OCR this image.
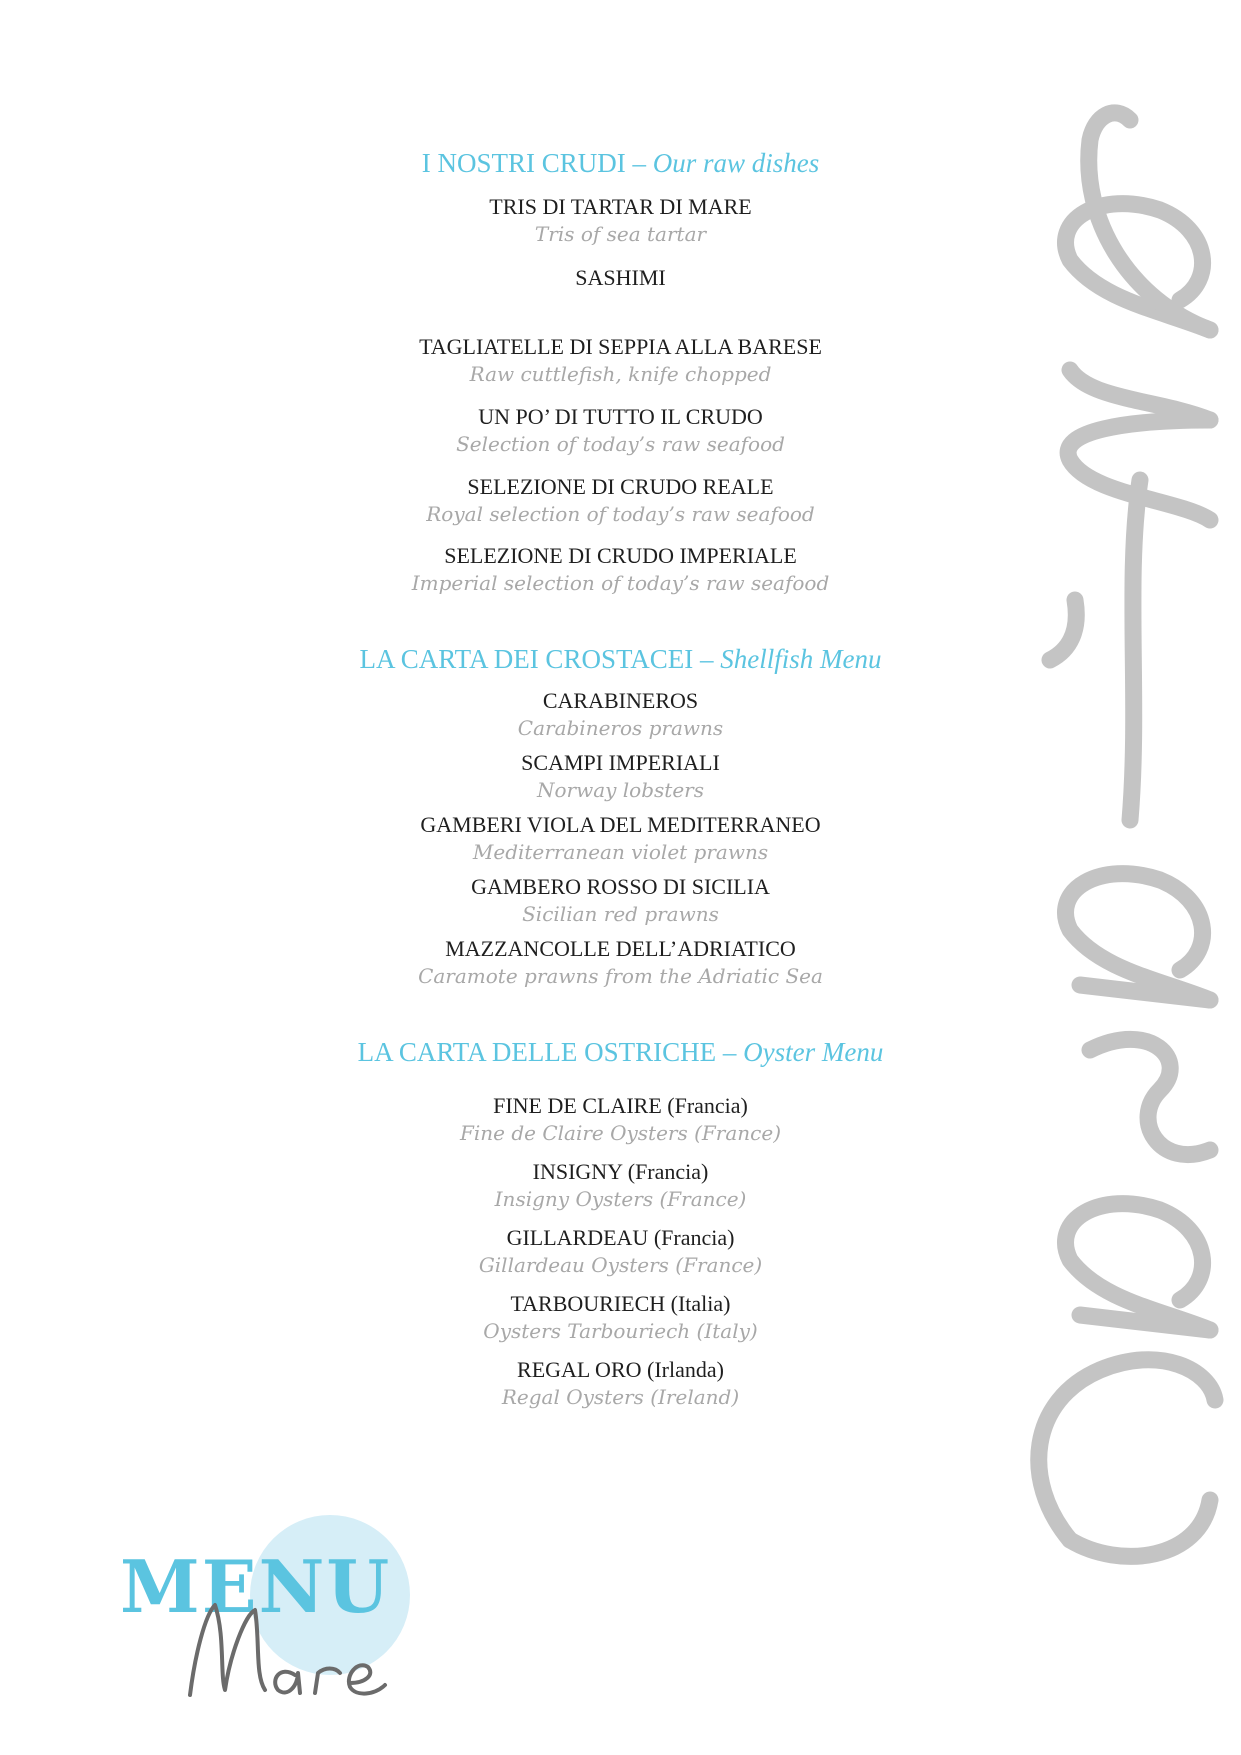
I NOSTRI CRUDI – Our raw dishes
TRIS DI TARTAR DI MARE
Tris of sea tartar
SASHIMI
TAGLIATELLE DI SEPPIA ALLA BARESE
Raw cuttlefish, knife chopped
UN PO’ DI TUTTO IL CRUDO
Selection of today’s raw seafood
SELEZIONE DI CRUDO REALE
Royal selection of today’s raw seafood
SELEZIONE DI CRUDO IMPERIALE
Imperial selection of today’s raw seafood
LA CARTA DEI CROSTACEI – Shellfish Menu
CARABINEROS
Carabineros prawns
SCAMPI IMPERIALI
Norway lobsters
GAMBERI VIOLA DEL MEDITERRANEO
Mediterranean violet prawns
GAMBERO ROSSO DI SICILIA
Sicilian red prawns
MAZZANCOLLE DELL’ADRIATICO
Caramote prawns from the Adriatic Sea
LA CARTA DELLE OSTRICHE – Oyster Menu
FINE DE CLAIRE (Francia)
Fine de Claire Oysters (France)
INSIGNY (Francia)
Insigny Oysters (France)
GILLARDEAU (Francia)
Gillardeau Oysters (France)
TARBOURIECH (Italia)
Oysters Tarbouriech (Italy)
REGAL ORO (Irlanda)
Regal Oysters (Ireland)
MENU
